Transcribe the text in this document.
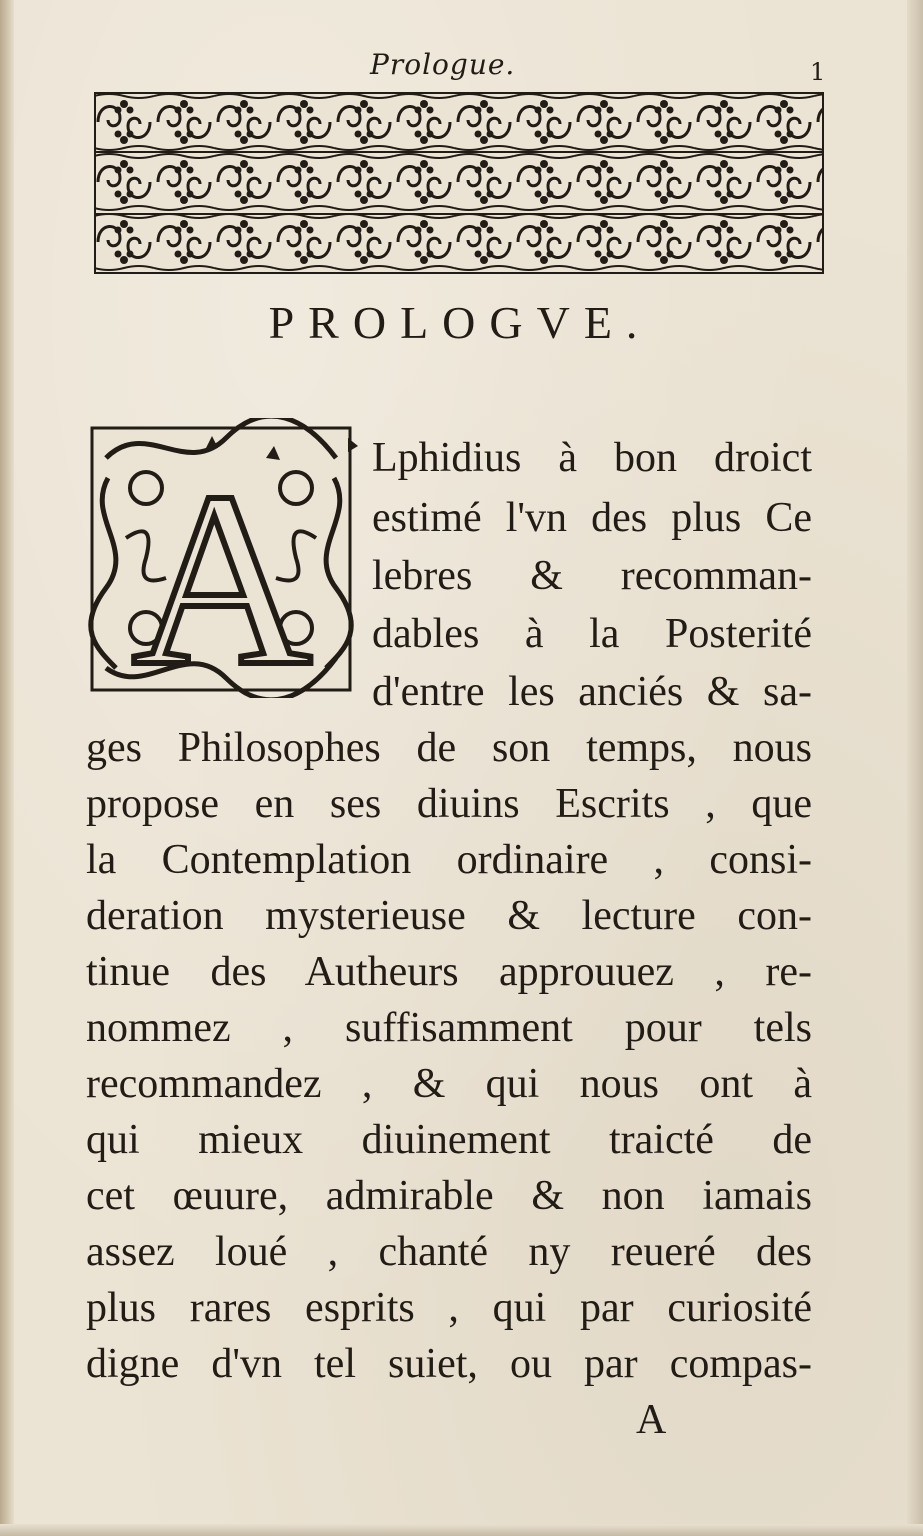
Prologue.	1
PROLOGVE.
A Lphidius à bon droict
estimé l'vn des plus Ce
lebres & recomman-
dables à la Posterité
d'entre les anciés & sa-
ges Philosophes de son temps, nous
propose en ses diuins Escrits , que
la Contemplation ordinaire , consi-
deration mysterieuse & lecture con-
tinue des Autheurs approuuez , re-
nommez , suffisamment pour tels
recommandez , & qui nous ont à
qui mieux diuinement traicté de
cet œuure, admirable & non iamais
assez loué , chanté ny reueré des
plus rares esprits , qui par curiosité
digne d'vn tel suiet, ou par compas-
A
